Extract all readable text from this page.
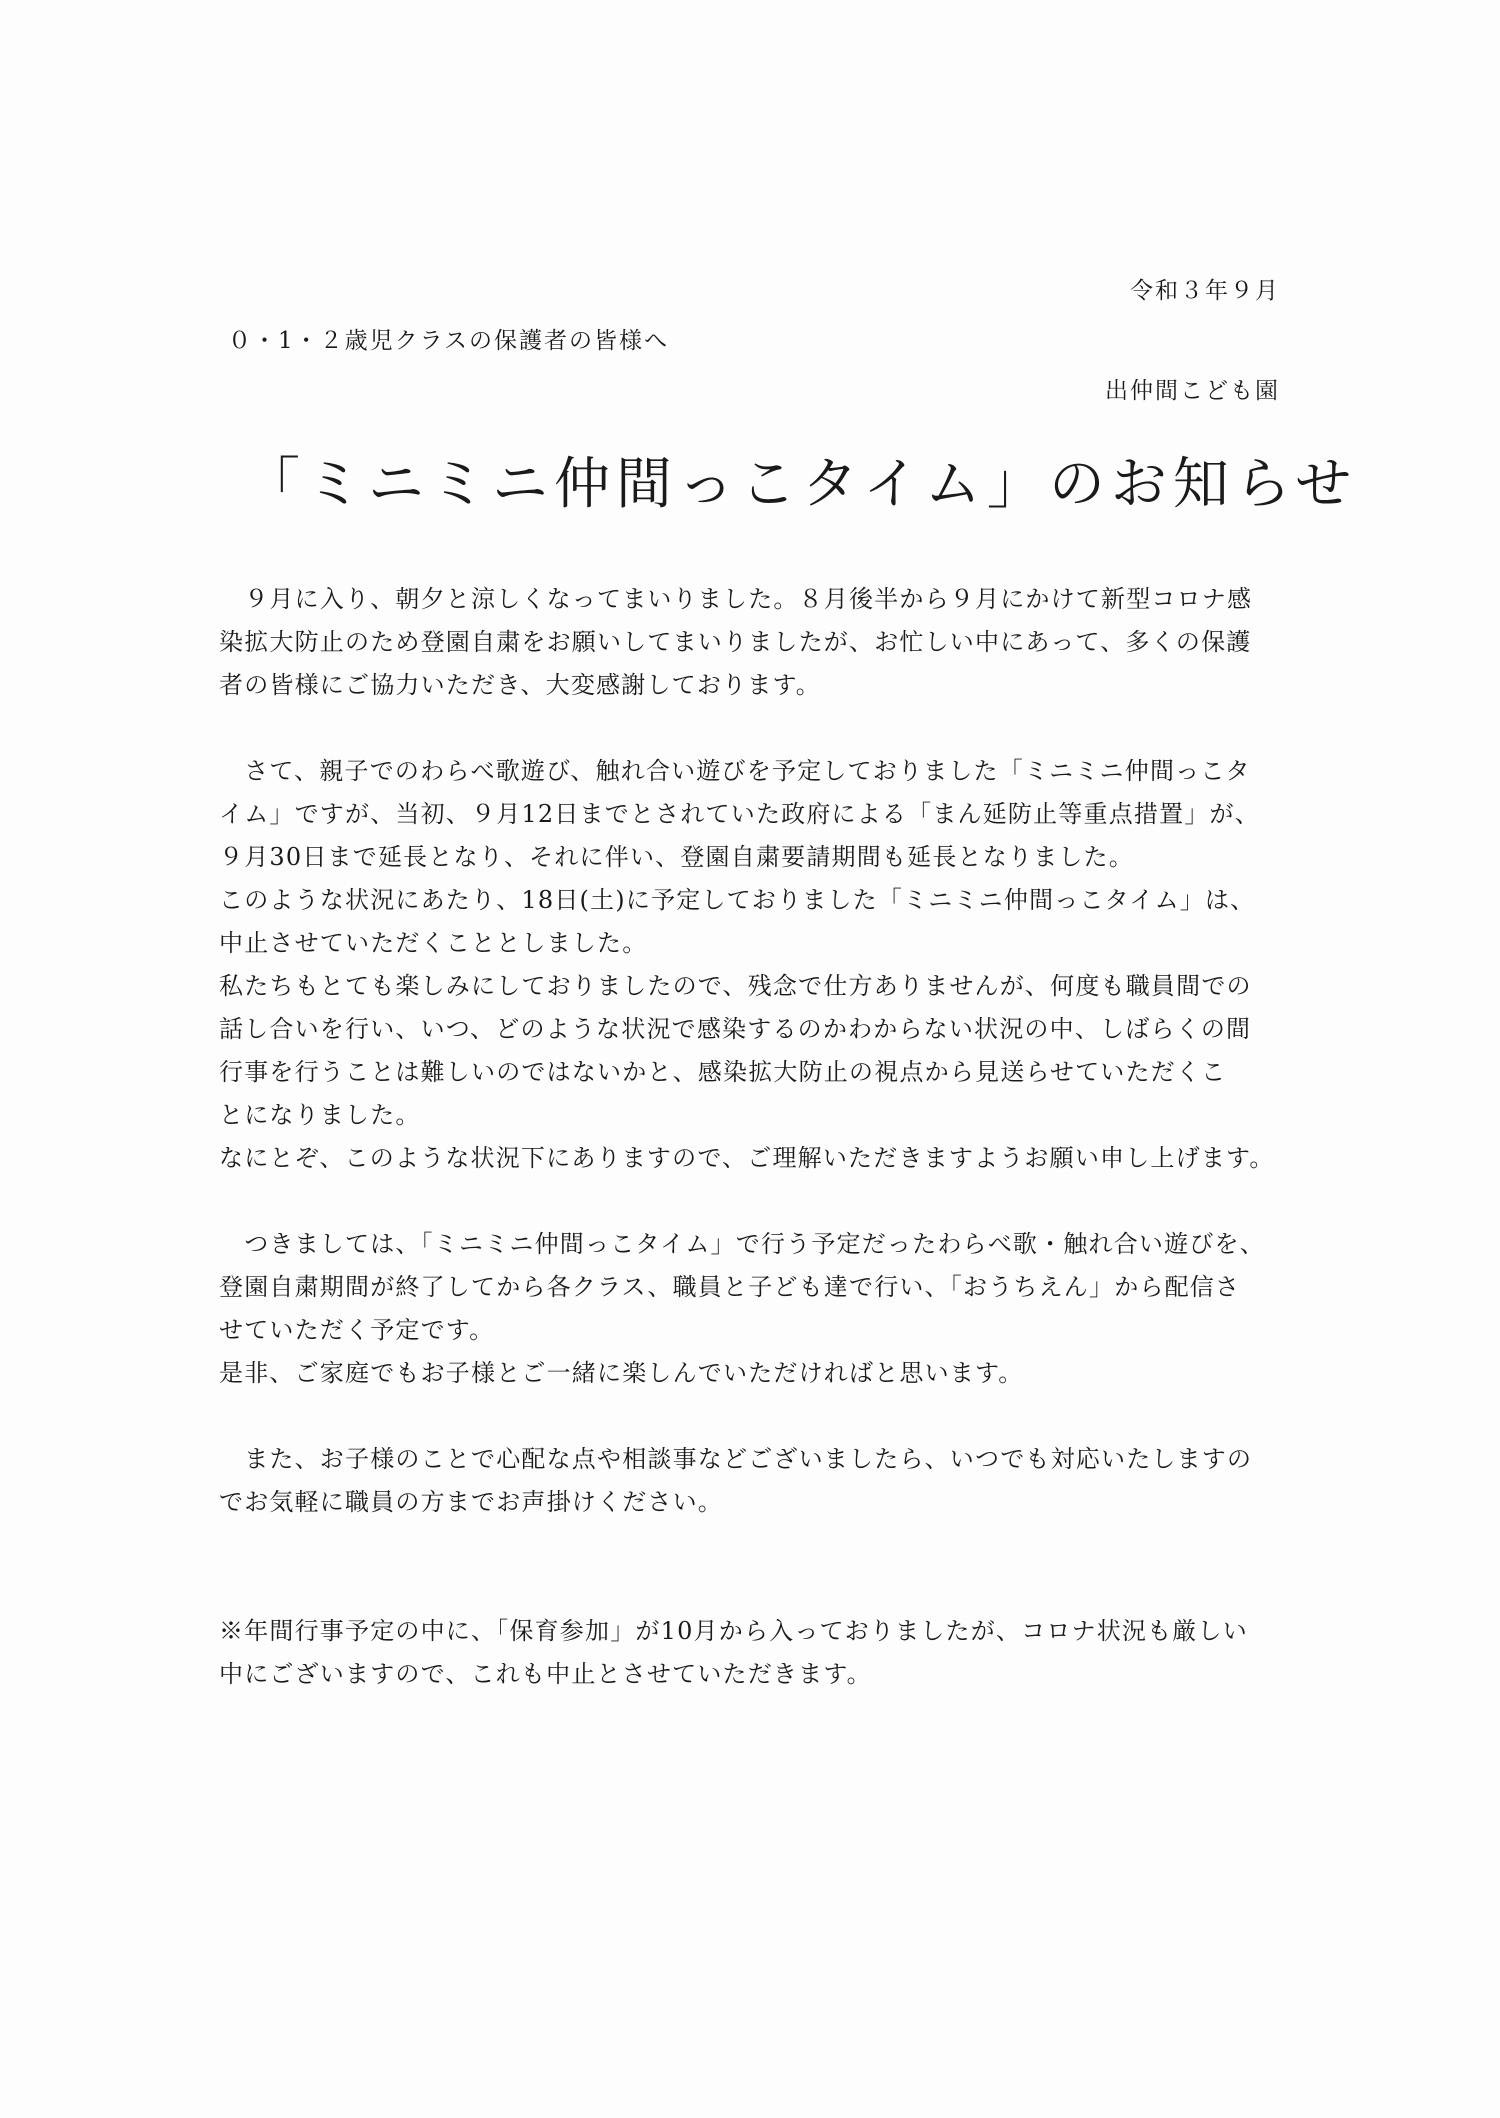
令和３年９月
０・1・２歳児クラスの保護者の皆様へ
出仲間こども園
「ミニミニ仲間っこタイム」のお知らせ
　９月に入り、朝夕と涼しくなってまいりました。８月後半から９月にかけて新型コロナ感
染拡大防止のため登園自粛をお願いしてまいりましたが、お忙しい中にあって、多くの保護
者の皆様にご協力いただき、大変感謝しております。
　さて、親子でのわらべ歌遊び、触れ合い遊びを予定しておりました「ミニミニ仲間っこタ
イム」ですが、当初、９月12日までとされていた政府による「まん延防止等重点措置」が、
９月30日まで延長となり、それに伴い、登園自粛要請期間も延長となりました。
このような状況にあたり、18日(土)に予定しておりました「ミニミニ仲間っこタイム」は、
中止させていただくこととしました。
私たちもとても楽しみにしておりましたので、残念で仕方ありませんが、何度も職員間での
話し合いを行い、いつ、どのような状況で感染するのかわからない状況の中、しばらくの間
行事を行うことは難しいのではないかと、感染拡大防止の視点から見送らせていただくこ
とになりました。
なにとぞ、このような状況下にありますので、ご理解いただきますようお願い申し上げます。
　つきましては、「ミニミニ仲間っこタイム」で行う予定だったわらべ歌・触れ合い遊びを、
登園自粛期間が終了してから各クラス、職員と子ども達で行い、「おうちえん」から配信さ
せていただく予定です。
是非、ご家庭でもお子様とご一緒に楽しんでいただければと思います。
　また、お子様のことで心配な点や相談事などございましたら、いつでも対応いたしますの
でお気軽に職員の方までお声掛けください。
※年間行事予定の中に、「保育参加」が10月から入っておりましたが、コロナ状況も厳しい
中にございますので、これも中止とさせていただきます。
